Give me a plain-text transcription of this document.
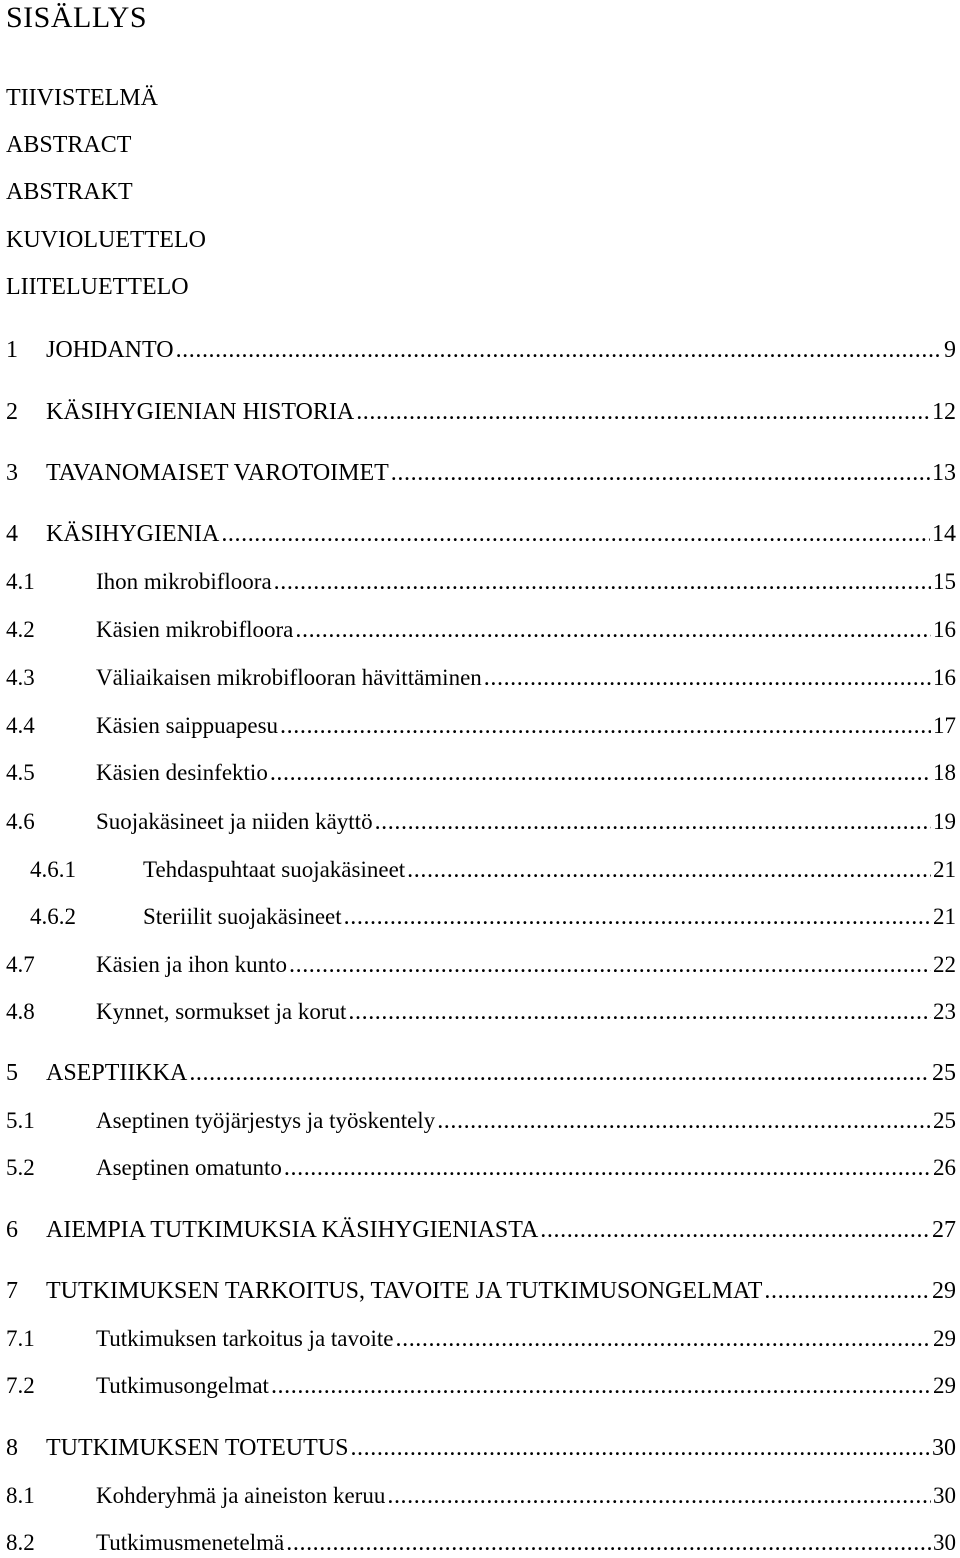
SISÄLLYS
TIIVISTELMÄ
ABSTRACT
ABSTRAKT
KUVIOLUETTELO
LIITELUETTELO
1	JOHDANTO .....	9
2	KÄSIHYGIENIAN HISTORIA .....	12
3	TAVANOMAISET VAROTOIMET .....	13
4	KÄSIHYGIENIA .....	14
4.1	Ihon mikrobifloora .....	15
4.2	Käsien mikrobifloora .....	16
4.3	Väliaikaisen mikrobiflooran hävittäminen .....	16
4.4	Käsien saippuapesu .....	17
4.5	Käsien desinfektio .....	18
4.6	Suojakäsineet ja niiden käyttö .....	19
4.6.1	Tehdaspuhtaat suojakäsineet .....	21
4.6.2	Steriilit suojakäsineet .....	21
4.7	Käsien ja ihon kunto .....	22
4.8	Kynnet, sormukset ja korut .....	23
5	ASEPTIIKKA .....	25
5.1	Aseptinen työjärjestys ja työskentely .....	25
5.2	Aseptinen omatunto .....	26
6	AIEMPIA TUTKIMUKSIA KÄSIHYGIENIASTA .....	27
7	TUTKIMUKSEN TARKOITUS, TAVOITE JA TUTKIMUSONGELMAT .....	29
7.1	Tutkimuksen tarkoitus ja tavoite .....	29
7.2	Tutkimusongelmat .....	29
8	TUTKIMUKSEN TOTEUTUS .....	30
8.1	Kohderyhmä ja aineiston keruu .....	30
8.2	Tutkimusmenetelmä .....	30
